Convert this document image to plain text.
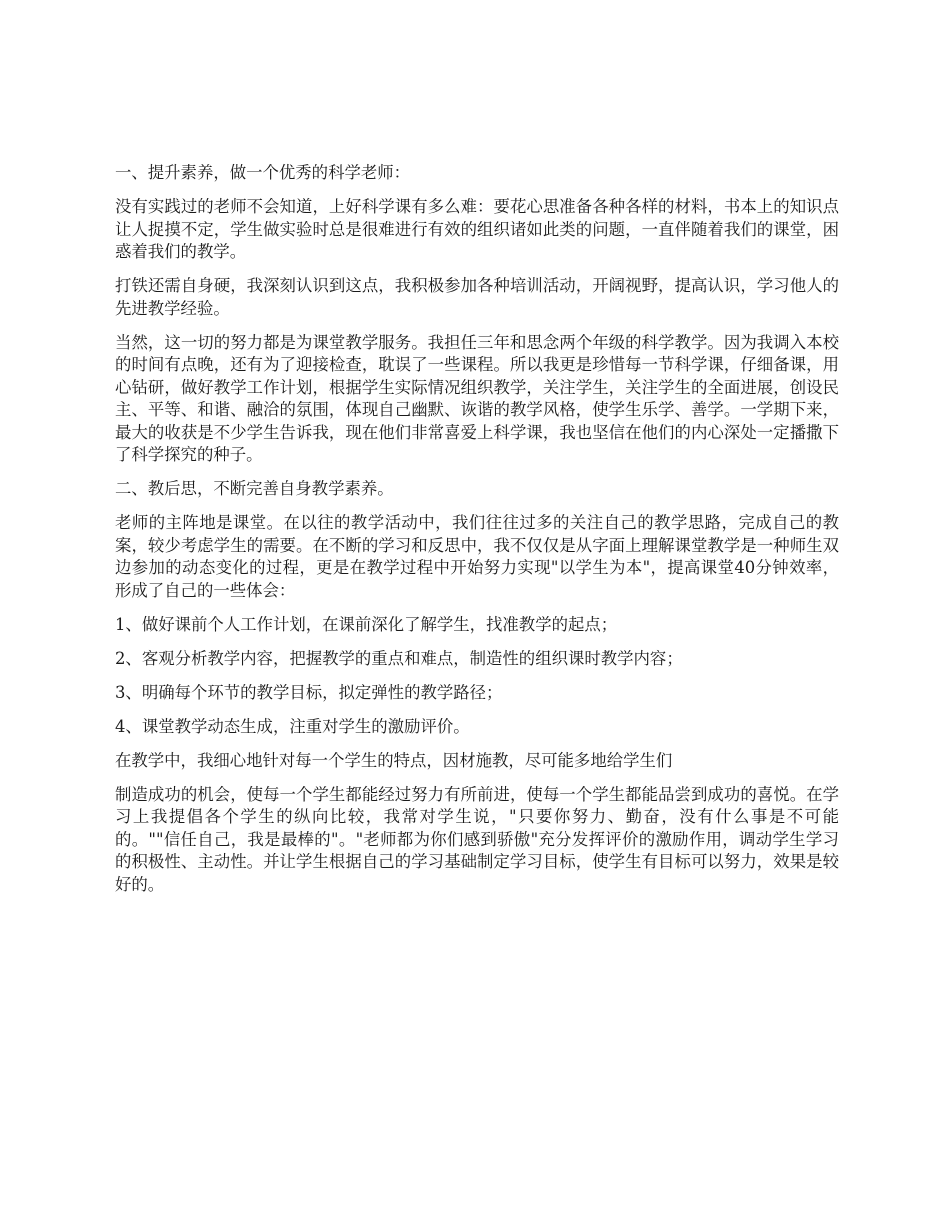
一、提升素养，做一个优秀的科学老师：

没有实践过的老师不会知道，上好科学课有多么难：要花心思准备各种各样的材料，书本上的知识点让人捉摸不定，学生做实验时总是很难进行有效的组织诸如此类的问题，一直伴随着我们的课堂，困惑着我们的教学。

打铁还需自身硬，我深刻认识到这点，我积极参加各种培训活动，开阔视野，提高认识，学习他人的先进教学经验。

当然，这一切的努力都是为课堂教学服务。我担任三年和思念两个年级的科学教学。因为我调入本校的时间有点晚，还有为了迎接检查，耽误了一些课程。所以我更是珍惜每一节科学课，仔细备课，用心钻研，做好教学工作计划，根据学生实际情况组织教学，关注学生，关注学生的全面进展，创设民主、平等、和谐、融洽的氛围，体现自己幽默、诙谐的教学风格，使学生乐学、善学。一学期下来，最大的收获是不少学生告诉我，现在他们非常喜爱上科学课，我也坚信在他们的内心深处一定播撒下了科学探究的种子。

二、教后思，不断完善自身教学素养。

老师的主阵地是课堂。在以往的教学活动中，我们往往过多的关注自己的教学思路，完成自己的教案，较少考虑学生的需要。在不断的学习和反思中，我不仅仅是从字面上理解课堂教学是一种师生双边参加的动态变化的过程，更是在教学过程中开始努力实现"以学生为本"，提高课堂40分钟效率，形成了自己的一些体会：

1、做好课前个人工作计划，在课前深化了解学生，找准教学的起点；

2、客观分析教学内容，把握教学的重点和难点，制造性的组织课时教学内容；

3、明确每个环节的教学目标，拟定弹性的教学路径；

4、课堂教学动态生成，注重对学生的激励评价。

在教学中，我细心地针对每一个学生的特点，因材施教，尽可能多地给学生们

制造成功的机会，使每一个学生都能经过努力有所前进，使每一个学生都能品尝到成功的喜悦。在学习上我提倡各个学生的纵向比较，我常对学生说，"只要你努力、勤奋，没有什么事是不可能的。""信任自己，我是最棒的"。"老师都为你们感到骄傲"充分发挥评价的激励作用，调动学生学习的积极性、主动性。并让学生根据自己的学习基础制定学习目标，使学生有目标可以努力，效果是较好的。
